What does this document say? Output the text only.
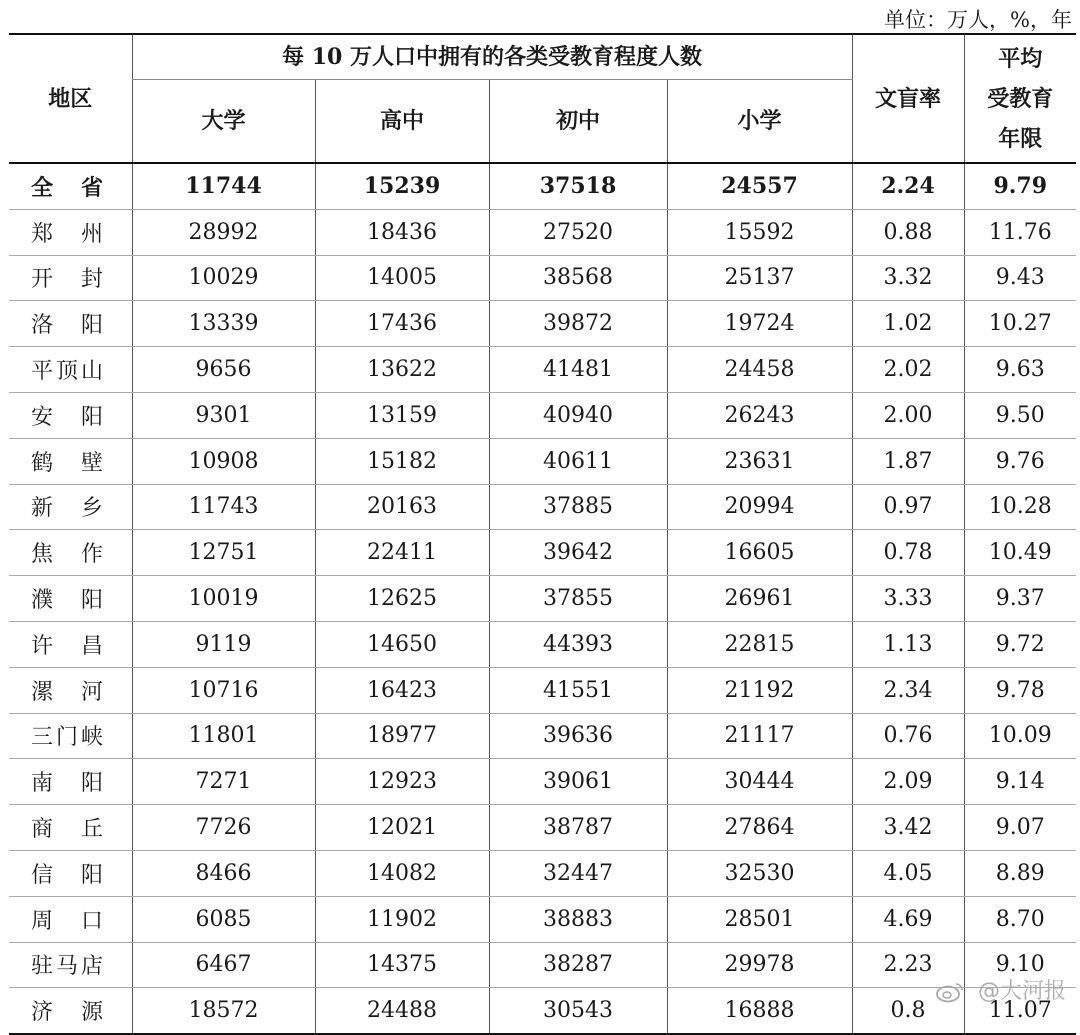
单位：万人，%，年
地区	每 10 万人口中拥有的各类受教育程度人数				文盲率	平均
受教育
年限

	大学	高中	初中	小学		
全省	11744	15239	37518	24557	2.24	9.79
郑州	28992	18436	27520	15592	0.88	11.76
开封	10029	14005	38568	25137	3.32	9.43
洛阳	13339	17436	39872	19724	1.02	10.27
平顶山	9656	13622	41481	24458	2.02	9.63
安阳	9301	13159	40940	26243	2.00	9.50
鹤壁	10908	15182	40611	23631	1.87	9.76
新乡	11743	20163	37885	20994	0.97	10.28
焦作	12751	22411	39642	16605	0.78	10.49
濮阳	10019	12625	37855	26961	3.33	9.37
许昌	9119	14650	44393	22815	1.13	9.72
漯河	10716	16423	41551	21192	2.34	9.78
三门峡	11801	18977	39636	21117	0.76	10.09
南阳	7271	12923	39061	30444	2.09	9.14
商丘	7726	12021	38787	27864	3.42	9.07
信阳	8466	14082	32447	32530	4.05	8.89
周口	6085	11902	38883	28501	4.69	8.70
驻马店	6467	14375	38287	29978	2.23	9.10
济源	18572	24488	30543	16888	0.8	11.07
@大河报
